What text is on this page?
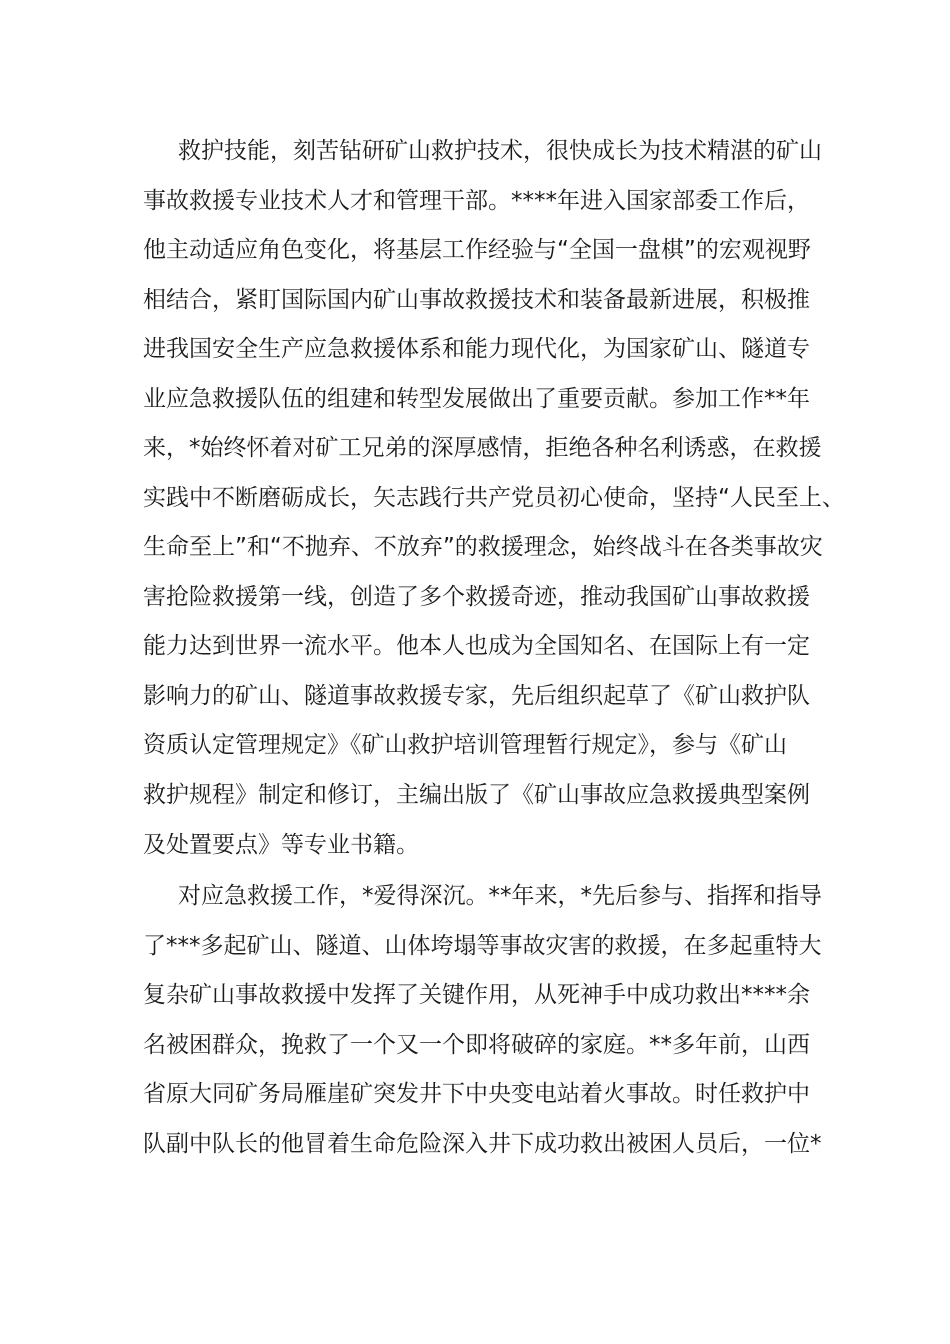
救护技能，刻苦钻研矿山救护技术，很快成长为技术精湛的矿山
事故救援专业技术人才和管理干部。****年进入国家部委工作后，
他主动适应角色变化，将基层工作经验与“全国一盘棋”的宏观视野
相结合，紧盯国际国内矿山事故救援技术和装备最新进展，积极推
进我国安全生产应急救援体系和能力现代化，为国家矿山、隧道专
业应急救援队伍的组建和转型发展做出了重要贡献。参加工作**年
来，*始终怀着对矿工兄弟的深厚感情，拒绝各种名利诱惑，在救援
实践中不断磨砺成长，矢志践行共产党员初心使命，坚持“人民至上、
生命至上”和“不抛弃、不放弃”的救援理念，始终战斗在各类事故灾
害抢险救援第一线，创造了多个救援奇迹，推动我国矿山事故救援
能力达到世界一流水平。他本人也成为全国知名、在国际上有一定
影响力的矿山、隧道事故救援专家，先后组织起草了《矿山救护队
资质认定管理规定》《矿山救护培训管理暂行规定》，参与《矿山
救护规程》制定和修订，主编出版了《矿山事故应急救援典型案例
及处置要点》等专业书籍。
对应急救援工作，*爱得深沉。**年来，*先后参与、指挥和指导
了***多起矿山、隧道、山体垮塌等事故灾害的救援，在多起重特大
复杂矿山事故救援中发挥了关键作用，从死神手中成功救出****余
名被困群众，挽救了一个又一个即将破碎的家庭。**多年前，山西
省原大同矿务局雁崖矿突发井下中央变电站着火事故。时任救护中
队副中队长的他冒着生命危险深入井下成功救出被困人员后，一位*
